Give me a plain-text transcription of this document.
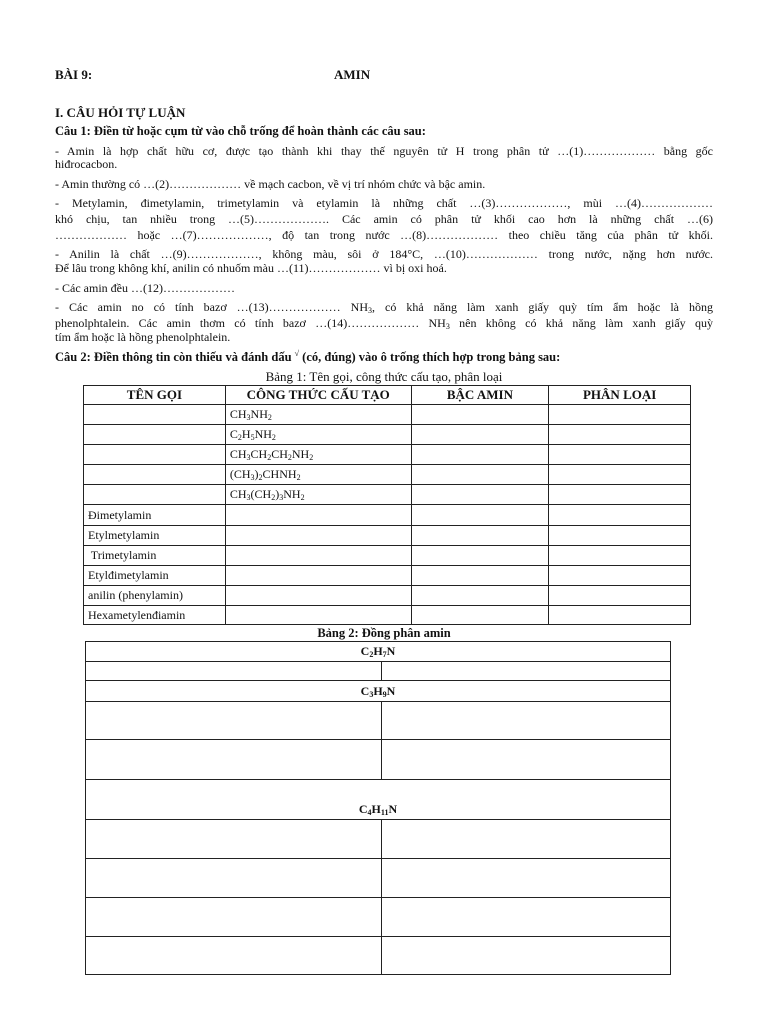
BÀI 9:	AMIN
I. CÂU HỎI TỰ LUẬN
Câu 1: Điền từ hoặc cụm từ vào chỗ trống để hoàn thành các câu sau:
- Amin là hợp chất hữu cơ, được tạo thành khi thay thế nguyên tử H trong phân tử …(1)……………… bằng gốc
hiđrocacbon.
- Amin thường có …(2)……………… về mạch cacbon, về vị trí nhóm chức và bậc amin.
- Metylamin, đimetylamin, trimetylamin và etylamin là những chất …(3)………………, mùi …(4)………………
khó chịu, tan nhiều trong …(5)………………. Các amin có phân tử khối cao hơn là những chất …(6)
……………… hoặc …(7)………………, độ tan trong nước …(8)……………… theo chiều tăng của phân tử khối.
- Anilin là chất …(9)………………, không màu, sôi ở 184°C, …(10)……………… trong nước, nặng hơn nước.
Để lâu trong không khí, anilin có nhuốm màu …(11)……………… vì bị oxi hoá.
- Các amin đều …(12)………………
- Các amin no có tính bazơ …(13)……………… $NH_3$, có khả năng làm xanh giấy quỳ tím ẩm hoặc là hồng
phenolphtalein. Các amin thơm có tính bazơ …(14)……………… $NH_3$ nên không có khả năng làm xanh giấy quỳ
tím ẩm hoặc là hồng phenolphtalein.
Câu 2: Điền thông tin còn thiếu và đánh dấu √ (có, đúng) vào ô trống thích hợp trong bảng sau:
Bảng 1: Tên gọi, công thức cấu tạo, phân loại
TÊN GỌI	CÔNG THỨC CẤU TẠO	BẬC AMIN	PHÂN LOẠI
	$CH_3NH_2$		
	$C_2H_5NH_2$		
	$CH_3CH_2CH_2NH_2$		
	$(CH_3)_2CHNH_2$		
	$CH_3(CH_2)_3NH_2$		
Đimetylamin			
Etylmetylamin			
Trimetylamin			
Etylđimetylamin			
anilin (phenylamin)			
Hexametylenđiamin			
Bảng 2: Đồng phân amin
$C_2H_7N$	

$C_3H_9N$	

$C_4H_{11}N$	
